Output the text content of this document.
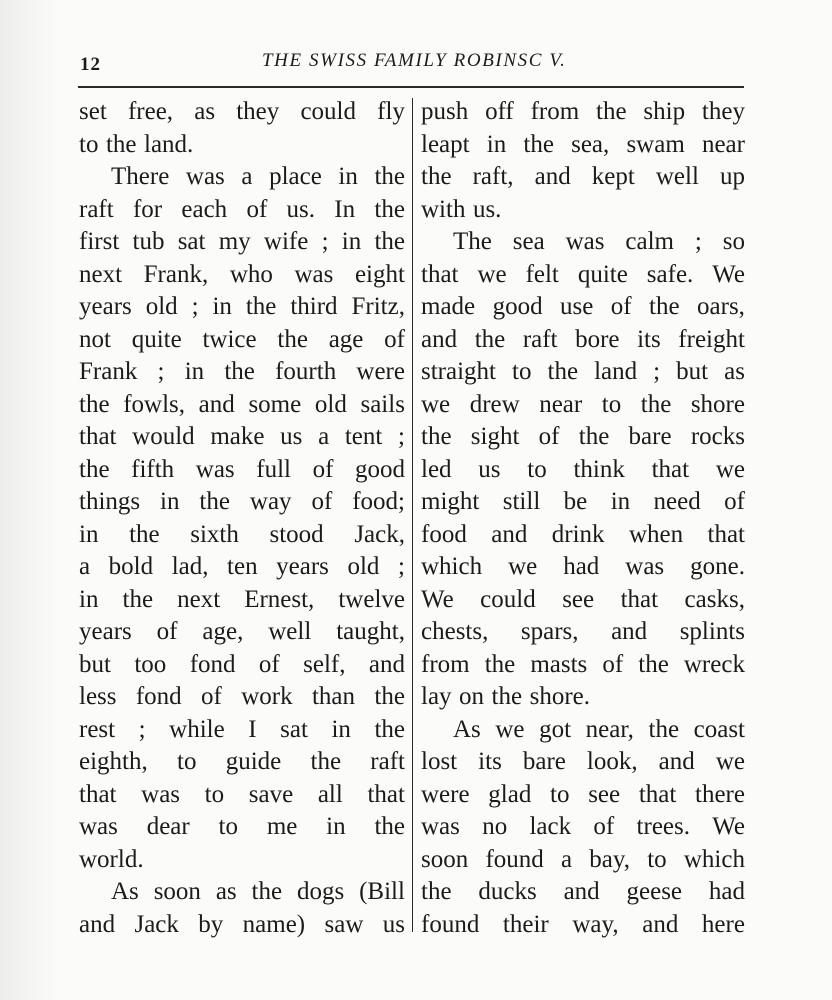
12	THE SWISS FAMILY ROBINSC V.
set free, as they could fly
to the land.
There was a place in the
raft for each of us. In the
first tub sat my wife ; in the
next Frank, who was eight
years old ; in the third Fritz,
not quite twice the age of
Frank ; in the fourth were
the fowls, and some old sails
that would make us a tent ;
the fifth was full of good
things in the way of food;
in the sixth stood Jack,
a bold lad, ten years old ;
in the next Ernest, twelve
years of age, well taught,
but too fond of self, and
less fond of work than the
rest ; while I sat in the
eighth, to guide the raft
that was to save all that
was dear to me in the
world.
As soon as the dogs (Bill
and Jack by name) saw us
push off from the ship they
leapt in the sea, swam near
the raft, and kept well up
with us.
The sea was calm ; so
that we felt quite safe. We
made good use of the oars,
and the raft bore its freight
straight to the land ; but as
we drew near to the shore
the sight of the bare rocks
led us to think that we
might still be in need of
food and drink when that
which we had was gone.
We could see that casks,
chests, spars, and splints
from the masts of the wreck
lay on the shore.
As we got near, the coast
lost its bare look, and we
were glad to see that there
was no lack of trees. We
soon found a bay, to which
the ducks and geese had
found their way, and here
